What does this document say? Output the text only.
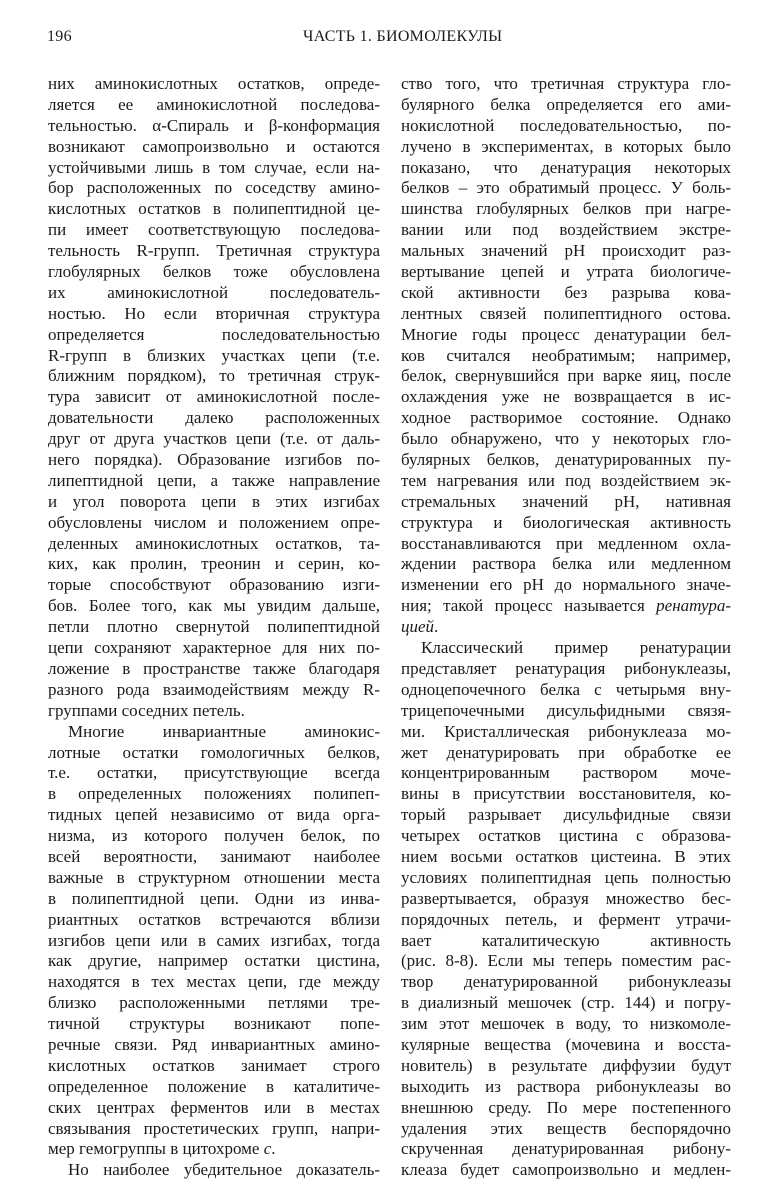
196	ЧАСТЬ 1. БИОМОЛЕКУЛЫ
них аминокислотных остатков, опреде-
ляется ее аминокислотной последова-
тельностью. α-Спираль и β-конформация
возникают самопроизвольно и остаются
устойчивыми лишь в том случае, если на-
бор расположенных по соседству амино-
кислотных остатков в полипептидной це-
пи имеет соответствующую последова-
тельность R-групп. Третичная структура
глобулярных белков тоже обусловлена
их аминокислотной последователь-
ностью. Но если вторичная структура
определяется последовательностью
R-групп в близких участках цепи (т.е.
ближним порядком), то третичная струк-
тура зависит от аминокислотной после-
довательности далеко расположенных
друг от друга участков цепи (т.е. от даль-
него порядка). Образование изгибов по-
липептидной цепи, а также направление
и угол поворота цепи в этих изгибах
обусловлены числом и положением опре-
деленных аминокислотных остатков, та-
ких, как пролин, треонин и серин, ко-
торые способствуют образованию изги-
бов. Более того, как мы увидим дальше,
петли плотно свернутой полипептидной
цепи сохраняют характерное для них по-
ложение в пространстве также благодаря
разного рода взаимодействиям между R-
группами соседних петель.
Многие инвариантные аминокис-
лотные остатки гомологичных белков,
т.е. остатки, присутствующие всегда
в определенных положениях полипеп-
тидных цепей независимо от вида орга-
низма, из которого получен белок, по
всей вероятности, занимают наиболее
важные в структурном отношении места
в полипептидной цепи. Одни из инва-
риантных остатков встречаются вблизи
изгибов цепи или в самих изгибах, тогда
как другие, например остатки цистина,
находятся в тех местах цепи, где между
близко расположенными петлями тре-
тичной структуры возникают попе-
речные связи. Ряд инвариантных амино-
кислотных остатков занимает строго
определенное положение в каталитиче-
ских центрах ферментов или в местах
связывания простетических групп, напри-
мер гемогруппы в цитохроме c.
Но наиболее убедительное доказатель-
ство того, что третичная структура гло-
булярного белка определяется его ами-
нокислотной последовательностью, по-
лучено в экспериментах, в которых было
показано, что денатурация некоторых
белков – это обратимый процесс. У боль-
шинства глобулярных белков при нагре-
вании или под воздействием экстре-
мальных значений pH происходит раз-
вертывание цепей и утрата биологиче-
ской активности без разрыва кова-
лентных связей полипептидного остова.
Многие годы процесс денатурации бел-
ков считался необратимым; например,
белок, свернувшийся при варке яиц, после
охлаждения уже не возвращается в ис-
ходное растворимое состояние. Однако
было обнаружено, что у некоторых гло-
булярных белков, денатурированных пу-
тем нагревания или под воздействием эк-
стремальных значений pH, нативная
структура и биологическая активность
восстанавливаются при медленном охла-
ждении раствора белка или медленном
изменении его pH до нормального значе-
ния; такой процесс называется ренатура-
цией.
Классический пример ренатурации
представляет ренатурация рибонуклеазы,
одноцепочечного белка с четырьмя вну-
трицепочечными дисульфидными связя-
ми. Кристаллическая рибонуклеаза мо-
жет денатурировать при обработке ее
концентрированным раствором моче-
вины в присутствии восстановителя, ко-
торый разрывает дисульфидные связи
четырех остатков цистина с образова-
нием восьми остатков цистеина. В этих
условиях полипептидная цепь полностью
развертывается, образуя множество бес-
порядочных петель, и фермент утрачи-
вает каталитическую активность
(рис. 8-8). Если мы теперь поместим рас-
твор денатурированной рибонуклеазы
в диализный мешочек (стр. 144) и погру-
зим этот мешочек в воду, то низкомоле-
кулярные вещества (мочевина и восста-
новитель) в результате диффузии будут
выходить из раствора рибонуклеазы во
внешнюю среду. По мере постепенного
удаления этих веществ беспорядочно
скрученная денатурированная рибону-
клеаза будет самопроизвольно и медлен-
